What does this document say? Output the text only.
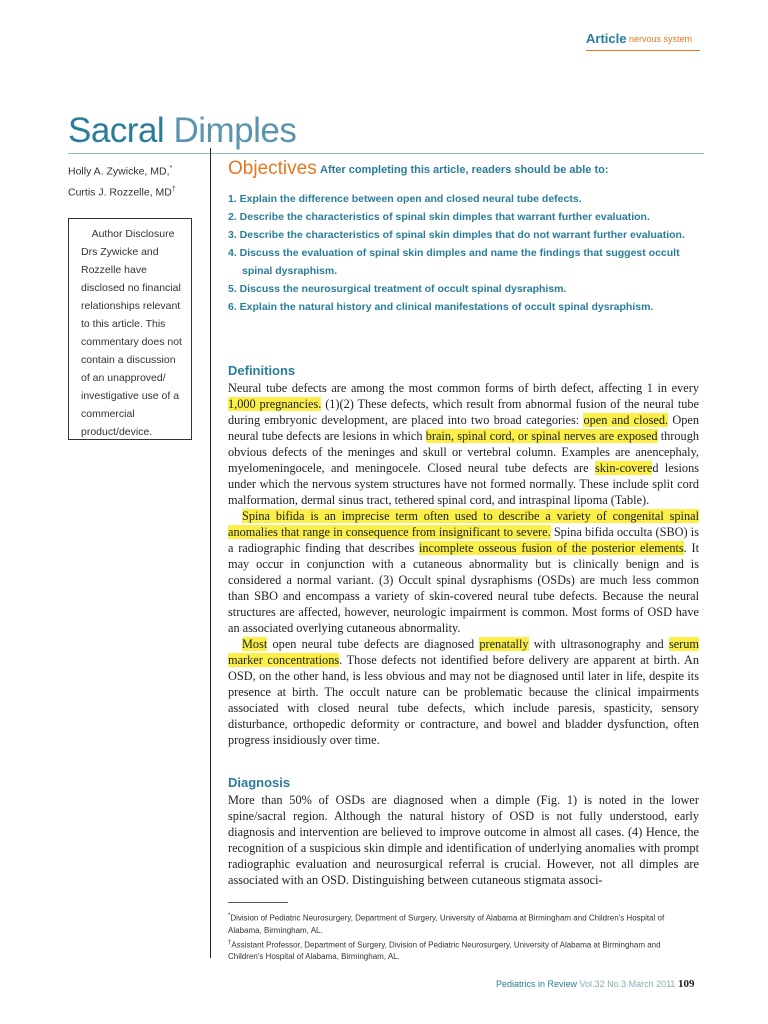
Article nervous system
Sacral Dimples
Holly A. Zywicke, MD,*
Curtis J. Rozzelle, MD†
Author Disclosure
Drs Zywicke and Rozzelle have disclosed no financial relationships relevant to this article. This commentary does not contain a discussion of an unapproved/ investigative use of a commercial product/device.
Objectives After completing this article, readers should be able to:
1. Explain the difference between open and closed neural tube defects.
2. Describe the characteristics of spinal skin dimples that warrant further evaluation.
3. Describe the characteristics of spinal skin dimples that do not warrant further evaluation.
4. Discuss the evaluation of spinal skin dimples and name the findings that suggest occult spinal dysraphism.
5. Discuss the neurosurgical treatment of occult spinal dysraphism.
6. Explain the natural history and clinical manifestations of occult spinal dysraphism.
Definitions

Neural tube defects are among the most common forms of birth defect, affecting 1 in every 1,000 pregnancies. (1)(2) These defects, which result from abnormal fusion of the neural tube during embryonic development, are placed into two broad categories: open and closed. Open neural tube defects are lesions in which brain, spinal cord, or spinal nerves are exposed through obvious defects of the meninges and skull or vertebral column. Examples are anencephaly, myelomeningocele, and meningocele. Closed neural tube defects are skin-covered lesions under which the nervous system structures have not formed normally. These include split cord malformation, dermal sinus tract, tethered spinal cord, and intraspinal lipoma (Table).

Spina bifida is an imprecise term often used to describe a variety of congenital spinal anomalies that range in consequence from insignificant to severe. Spina bifida occulta (SBO) is a radiographic finding that describes incomplete osseous fusion of the posterior elements. It may occur in conjunction with a cutaneous abnormality but is clinically benign and is considered a normal variant. (3) Occult spinal dysraphisms (OSDs) are much less common than SBO and encompass a variety of skin-covered neural tube defects. Because the neural structures are affected, however, neurologic impairment is common. Most forms of OSD have an associated overlying cutaneous abnormality.

Most open neural tube defects are diagnosed prenatally with ultrasonography and serum marker concentrations. Those defects not identified before delivery are apparent at birth. An OSD, on the other hand, is less obvious and may not be diagnosed until later in life, despite its presence at birth. The occult nature can be problematic because the clinical impairments associated with closed neural tube defects, which include paresis, spasticity, sensory disturbance, orthopedic deformity or contracture, and bowel and bladder dysfunction, often progress insidiously over time.

Diagnosis

More than 50% of OSDs are diagnosed when a dimple (Fig. 1) is noted in the lower spine/sacral region. Although the natural history of OSD is not fully understood, early diagnosis and intervention are believed to improve outcome in almost all cases. (4) Hence, the recognition of a suspicious skin dimple and identification of underlying anomalies with prompt radiographic evaluation and neurosurgical referral is crucial. However, not all dimples are associated with an OSD. Distinguishing between cutaneous stigmata associ-

*Division of Pediatric Neurosurgery, Department of Surgery, University of Alabama at Birmingham and Children's Hospital of Alabama, Birmingham, AL.

†Assistant Professor, Department of Surgery, Division of Pediatric Neurosurgery, University of Alabama at Birmingham and Children's Hospital of Alabama, Birmingham, AL.

Pediatrics in Review Vol.32 No.3 March 2011 109
